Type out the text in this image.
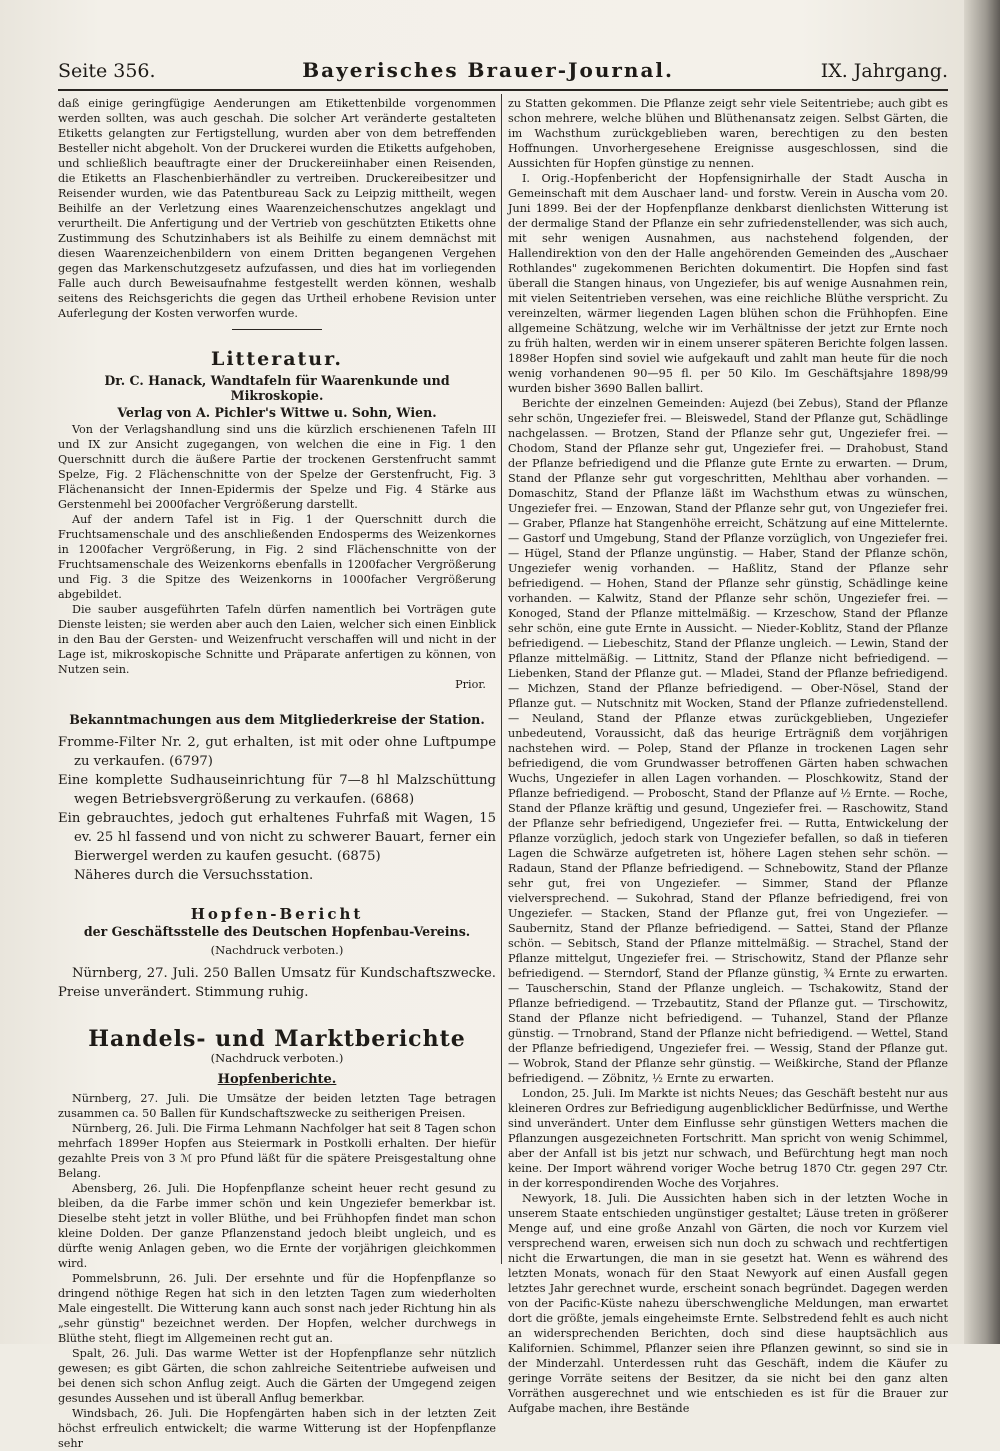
Seite 356.	Bayerisches Brauer-Journal.	IX. Jahrgang.

daß einige geringfügige Aenderungen am Etikettenbilde vorgenommen werden sollten, was auch geschah. Die solcher Art veränderte gestalteten Etiketts gelangten zur Fertigstellung, wurden aber von dem betreffenden Besteller nicht abgeholt. Von der Druckerei wurden die Etiketts aufgehoben, und schließlich beauftragte einer der Druckereiinhaber einen Reisenden, die Etiketts an Flaschenbierhändler zu vertreiben. Druckereibesitzer und Reisender wurden, wie das Patentbureau Sack zu Leipzig mittheilt, wegen Beihilfe an der Verletzung eines Waarenzeichenschutzes angeklagt und verurtheilt. Die Anfertigung und der Vertrieb von geschützten Etiketts ohne Zustimmung des Schutzinhabers ist als Beihilfe zu einem demnächst mit diesen Waarenzeichenbildern von einem Dritten begangenen Vergehen gegen das Markenschutzgesetz aufzufassen, und dies hat im vorliegenden Falle auch durch Beweisaufnahme festgestellt werden können, weshalb seitens des Reichsgerichts die gegen das Urtheil erhobene Revision unter Auferlegung der Kosten verworfen wurde.

Litteratur.
Dr. C. Hanack, Wandtafeln für Waarenkunde und Mikroskopie.
Verlag von A. Pichler's Wittwe u. Sohn, Wien.

Von der Verlagshandlung sind uns die kürzlich erschienenen Tafeln III und IX zur Ansicht zugegangen, von welchen die eine in Fig. 1 den Querschnitt durch die äußere Partie der trockenen Gerstenfrucht sammt Spelze, Fig. 2 Flächenschnitte von der Spelze der Gerstenfrucht, Fig. 3 Flächenansicht der Innen-Epidermis der Spelze und Fig. 4 Stärke aus Gerstenmehl bei 2000facher Vergrößerung darstellt.

Auf der andern Tafel ist in Fig. 1 der Querschnitt durch die Fruchtsamenschale und des anschließenden Endosperms des Weizenkornes in 1200facher Vergrößerung, in Fig. 2 sind Flächenschnitte von der Fruchtsamenschale des Weizenkorns ebenfalls in 1200facher Vergrößerung und Fig. 3 die Spitze des Weizenkorns in 1000facher Vergrößerung abgebildet.

Die sauber ausgeführten Tafeln dürfen namentlich bei Vorträgen gute Dienste leisten; sie werden aber auch den Laien, welcher sich einen Einblick in den Bau der Gersten- und Weizenfrucht verschaffen will und nicht in der Lage ist, mikroskopische Schnitte und Präparate anfertigen zu können, von Nutzen sein.

Prior.
Bekanntmachungen aus dem Mitgliederkreise der Station.

Fromme-Filter Nr. 2, gut erhalten, ist mit oder ohne Luftpumpe zu verkaufen. (6797)

Eine komplette Sudhauseinrichtung für 7—8 hl Malzschüttung wegen Betriebsvergrößerung zu verkaufen. (6868)

Ein gebrauchtes, jedoch gut erhaltenes Fuhrfaß mit Wagen, 15 ev. 25 hl fassend und von nicht zu schwerer Bauart, ferner ein Bierwergel werden zu kaufen gesucht. (6875)

Näheres durch die Versuchsstation.

Hopfen-Bericht
der Geschäftsstelle des Deutschen Hopfenbau-Vereins.
(Nachdruck verboten.)

Nürnberg, 27. Juli. 250 Ballen Umsatz für Kundschaftszwecke. Preise unverändert. Stimmung ruhig.

Handels- und Marktberichte
(Nachdruck verboten.)
Hopfenberichte.

Nürnberg, 27. Juli. Die Umsätze der beiden letzten Tage betragen zusammen ca. 50 Ballen für Kundschaftszwecke zu seitherigen Preisen.

Nürnberg, 26. Juli. Die Firma Lehmann Nachfolger hat seit 8 Tagen schon mehrfach 1899er Hopfen aus Steiermark in Postkolli erhalten. Der hiefür gezahlte Preis von 3 ℳ pro Pfund läßt für die spätere Preisgestaltung ohne Belang.

Abensberg, 26. Juli. Die Hopfenpflanze scheint heuer recht gesund zu bleiben, da die Farbe immer schön und kein Ungeziefer bemerkbar ist. Dieselbe steht jetzt in voller Blüthe, und bei Frühhopfen findet man schon kleine Dolden. Der ganze Pflanzenstand jedoch bleibt ungleich, und es dürfte wenig Anlagen geben, wo die Ernte der vorjährigen gleichkommen wird.

Pommelsbrunn, 26. Juli. Der ersehnte und für die Hopfenpflanze so dringend nöthige Regen hat sich in den letzten Tagen zum wiederholten Male eingestellt. Die Witterung kann auch sonst nach jeder Richtung hin als „sehr günstig" bezeichnet werden. Der Hopfen, welcher durchwegs in Blüthe steht, fliegt im Allgemeinen recht gut an.

Spalt, 26. Juli. Das warme Wetter ist der Hopfenpflanze sehr nützlich gewesen; es gibt Gärten, die schon zahlreiche Seitentriebe aufweisen und bei denen sich schon Anflug zeigt. Auch die Gärten der Umgegend zeigen gesundes Aussehen und ist überall Anflug bemerkbar.

Windsbach, 26. Juli. Die Hopfengärten haben sich in der letzten Zeit höchst erfreulich entwickelt; die warme Witterung ist der Hopfenpflanze sehr

zu Statten gekommen. Die Pflanze zeigt sehr viele Seitentriebe; auch gibt es schon mehrere, welche blühen und Blüthenansatz zeigen. Selbst Gärten, die im Wachsthum zurückgeblieben waren, berechtigen zu den besten Hoffnungen. Unvorhergesehene Ereignisse ausgeschlossen, sind die Aussichten für Hopfen günstige zu nennen.

I. Orig.-Hopfenbericht der Hopfensignirhalle der Stadt Auscha in Gemeinschaft mit dem Auschaer land- und forstw. Verein in Auscha vom 20. Juni 1899. Bei der der Hopfenpflanze denkbarst dienlichsten Witterung ist der dermalige Stand der Pflanze ein sehr zufriedenstellender, was sich auch, mit sehr wenigen Ausnahmen, aus nachstehend folgenden, der Hallendirektion von den der Halle angehörenden Gemeinden des „Auschaer Rothlandes" zugekommenen Berichten dokumentirt. Die Hopfen sind fast überall die Stangen hinaus, von Ungeziefer, bis auf wenige Ausnahmen rein, mit vielen Seitentrieben versehen, was eine reichliche Blüthe verspricht. Zu vereinzelten, wärmer liegenden Lagen blühen schon die Frühhopfen. Eine allgemeine Schätzung, welche wir im Verhältnisse der jetzt zur Ernte noch zu früh halten, werden wir in einem unserer späteren Berichte folgen lassen. 1898er Hopfen sind soviel wie aufgekauft und zahlt man heute für die noch wenig vorhandenen 90—95 fl. per 50 Kilo. Im Geschäftsjahre 1898/99 wurden bisher 3690 Ballen ballirt.

Berichte der einzelnen Gemeinden: Aujezd (bei Zebus), Stand der Pflanze sehr schön, Ungeziefer frei. — Bleiswedel, Stand der Pflanze gut, Schädlinge nachgelassen. — Brotzen, Stand der Pflanze sehr gut, Ungeziefer frei. — Chodom, Stand der Pflanze sehr gut, Ungeziefer frei. — Drahobust, Stand der Pflanze befriedigend und die Pflanze gute Ernte zu erwarten. — Drum, Stand der Pflanze sehr gut vorgeschritten, Mehlthau aber vorhanden. — Domaschitz, Stand der Pflanze läßt im Wachsthum etwas zu wünschen, Ungeziefer frei. — Enzowan, Stand der Pflanze sehr gut, von Ungeziefer frei. — Graber, Pflanze hat Stangenhöhe erreicht, Schätzung auf eine Mittelernte. — Gastorf und Umgebung, Stand der Pflanze vorzüglich, von Ungeziefer frei. — Hügel, Stand der Pflanze ungünstig. — Haber, Stand der Pflanze schön, Ungeziefer wenig vorhanden. — Haßlitz, Stand der Pflanze sehr befriedigend. — Hohen, Stand der Pflanze sehr günstig, Schädlinge keine vorhanden. — Kalwitz, Stand der Pflanze sehr schön, Ungeziefer frei. — Konoged, Stand der Pflanze mittelmäßig. — Krzeschow, Stand der Pflanze sehr schön, eine gute Ernte in Aussicht. — Nieder-Koblitz, Stand der Pflanze befriedigend. — Liebeschitz, Stand der Pflanze ungleich. — Lewin, Stand der Pflanze mittelmäßig. — Littnitz, Stand der Pflanze nicht befriedigend. — Liebenken, Stand der Pflanze gut. — Mladei, Stand der Pflanze befriedigend. — Michzen, Stand der Pflanze befriedigend. — Ober-Nösel, Stand der Pflanze gut. — Nutschnitz mit Wocken, Stand der Pflanze zufriedenstellend. — Neuland, Stand der Pflanze etwas zurückgeblieben, Ungeziefer unbedeutend, Voraussicht, daß das heurige Erträgniß dem vorjährigen nachstehen wird. — Polep, Stand der Pflanze in trockenen Lagen sehr befriedigend, die vom Grundwasser betroffenen Gärten haben schwachen Wuchs, Ungeziefer in allen Lagen vorhanden. — Ploschkowitz, Stand der Pflanze befriedigend. — Proboscht, Stand der Pflanze auf ½ Ernte. — Roche, Stand der Pflanze kräftig und gesund, Ungeziefer frei. — Raschowitz, Stand der Pflanze sehr befriedigend, Ungeziefer frei. — Rutta, Entwickelung der Pflanze vorzüglich, jedoch stark von Ungeziefer befallen, so daß in tieferen Lagen die Schwärze aufgetreten ist, höhere Lagen stehen sehr schön. — Radaun, Stand der Pflanze befriedigend. — Schnebowitz, Stand der Pflanze sehr gut, frei von Ungeziefer. — Simmer, Stand der Pflanze vielversprechend. — Sukohrad, Stand der Pflanze befriedigend, frei von Ungeziefer. — Stacken, Stand der Pflanze gut, frei von Ungeziefer. — Saubernitz, Stand der Pflanze befriedigend. — Sattei, Stand der Pflanze schön. — Sebitsch, Stand der Pflanze mittelmäßig. — Strachel, Stand der Pflanze mittelgut, Ungeziefer frei. — Strischowitz, Stand der Pflanze sehr befriedigend. — Sterndorf, Stand der Pflanze günstig, ¾ Ernte zu erwarten. — Tauscherschin, Stand der Pflanze ungleich. — Tschakowitz, Stand der Pflanze befriedigend. — Trzebautitz, Stand der Pflanze gut. — Tirschowitz, Stand der Pflanze nicht befriedigend. — Tuhanzel, Stand der Pflanze günstig. — Trnobrand, Stand der Pflanze nicht befriedigend. — Wettel, Stand der Pflanze befriedigend, Ungeziefer frei. — Wessig, Stand der Pflanze gut. — Wobrok, Stand der Pflanze sehr günstig. — Weißkirche, Stand der Pflanze befriedigend. — Zöbnitz, ½ Ernte zu erwarten.

London, 25. Juli. Im Markte ist nichts Neues; das Geschäft besteht nur aus kleineren Ordres zur Befriedigung augenblicklicher Bedürfnisse, und Werthe sind unverändert. Unter dem Einflusse sehr günstigen Wetters machen die Pflanzungen ausgezeichneten Fortschritt. Man spricht von wenig Schimmel, aber der Anfall ist bis jetzt nur schwach, und Befürchtung hegt man noch keine. Der Import während voriger Woche betrug 1870 Ctr. gegen 297 Ctr. in der korrespondirenden Woche des Vorjahres.

Newyork, 18. Juli. Die Aussichten haben sich in der letzten Woche in unserem Staate entschieden ungünstiger gestaltet; Läuse treten in größerer Menge auf, und eine große Anzahl von Gärten, die noch vor Kurzem viel versprechend waren, erweisen sich nun doch zu schwach und rechtfertigen nicht die Erwartungen, die man in sie gesetzt hat. Wenn es während des letzten Monats, wonach für den Staat Newyork auf einen Ausfall gegen letztes Jahr gerechnet wurde, erscheint sonach begründet. Dagegen werden von der Pacific-Küste nahezu überschwengliche Meldungen, man erwartet dort die größte, jemals eingeheimste Ernte. Selbstredend fehlt es auch nicht an widersprechenden Berichten, doch sind diese hauptsächlich aus Kalifornien. Schimmel, Pflanzer seien ihre Pflanzen gewinnt, so sind sie in der Minderzahl. Unterdessen ruht das Geschäft, indem die Käufer zu geringe Vorräte seitens der Besitzer, da sie nicht bei den ganz alten Vorräthen ausgerechnet und wie entschieden es ist für die Brauer zur Aufgabe machen, ihre Bestände
